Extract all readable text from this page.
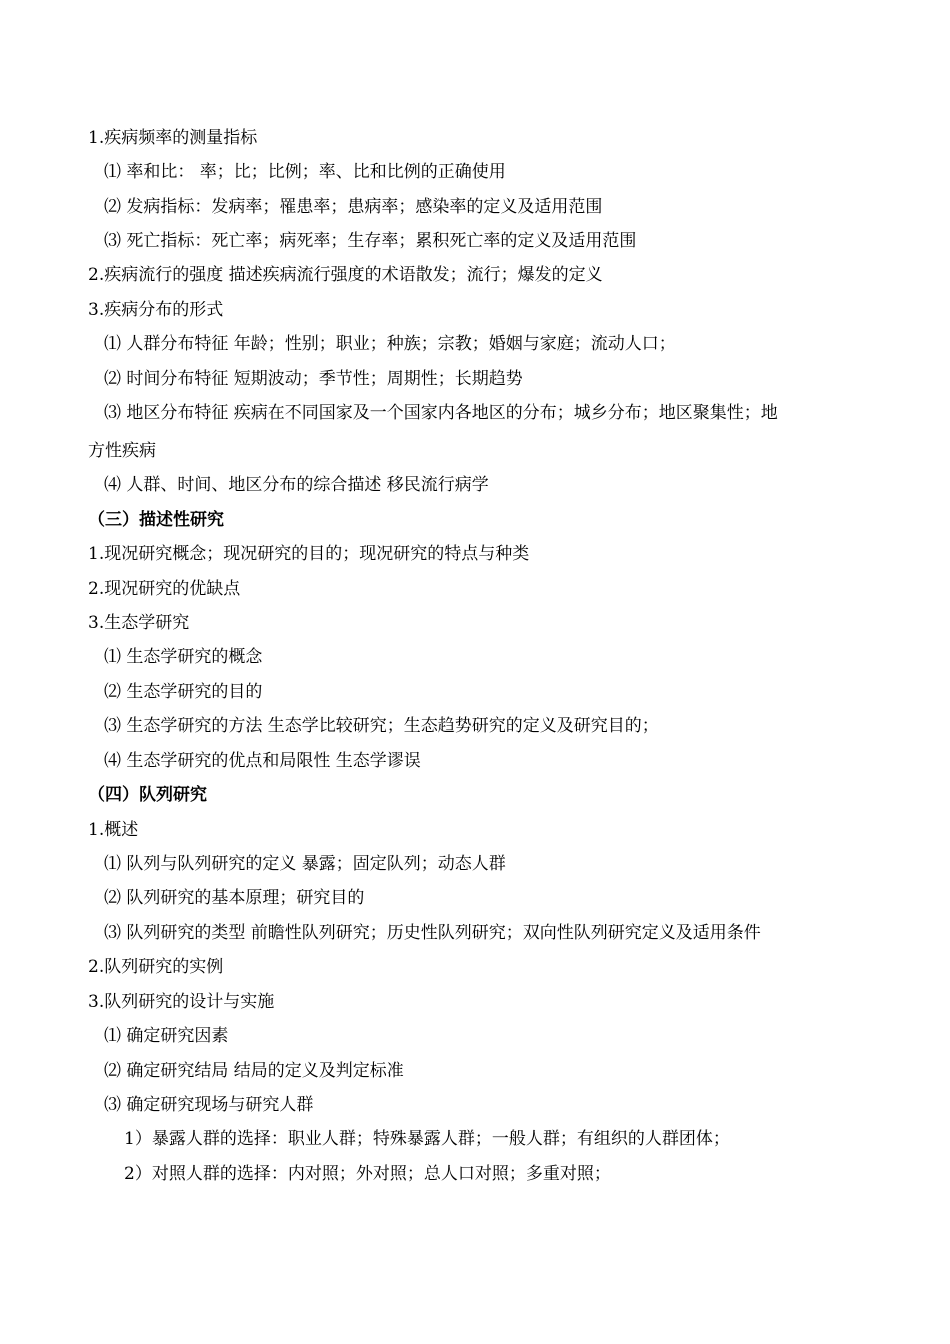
1.疾病频率的测量指标
⑴ 率和比： 率；比；比例；率、比和比例的正确使用
⑵ 发病指标：发病率；罹患率；患病率；感染率的定义及适用范围
⑶ 死亡指标：死亡率；病死率；生存率；累积死亡率的定义及适用范围
2.疾病流行的强度 描述疾病流行强度的术语散发；流行；爆发的定义
3.疾病分布的形式
⑴ 人群分布特征 年龄；性别；职业；种族；宗教；婚姻与家庭；流动人口；
⑵ 时间分布特征 短期波动；季节性；周期性；长期趋势
⑶ 地区分布特征 疾病在不同国家及一个国家内各地区的分布；城乡分布；地区聚集性；地
方性疾病
⑷ 人群、时间、地区分布的综合描述 移民流行病学
（三）描述性研究
1.现况研究概念；现况研究的目的；现况研究的特点与种类
2.现况研究的优缺点
3.生态学研究
⑴ 生态学研究的概念
⑵ 生态学研究的目的
⑶ 生态学研究的方法 生态学比较研究；生态趋势研究的定义及研究目的；
⑷ 生态学研究的优点和局限性 生态学谬误
（四）队列研究
1.概述
⑴ 队列与队列研究的定义 暴露；固定队列；动态人群
⑵ 队列研究的基本原理；研究目的
⑶ 队列研究的类型 前瞻性队列研究；历史性队列研究；双向性队列研究定义及适用条件
2.队列研究的实例
3.队列研究的设计与实施
⑴ 确定研究因素
⑵ 确定研究结局 结局的定义及判定标准
⑶ 确定研究现场与研究人群
1）暴露人群的选择：职业人群；特殊暴露人群；一般人群；有组织的人群团体；
2）对照人群的选择：内对照；外对照；总人口对照；多重对照；
